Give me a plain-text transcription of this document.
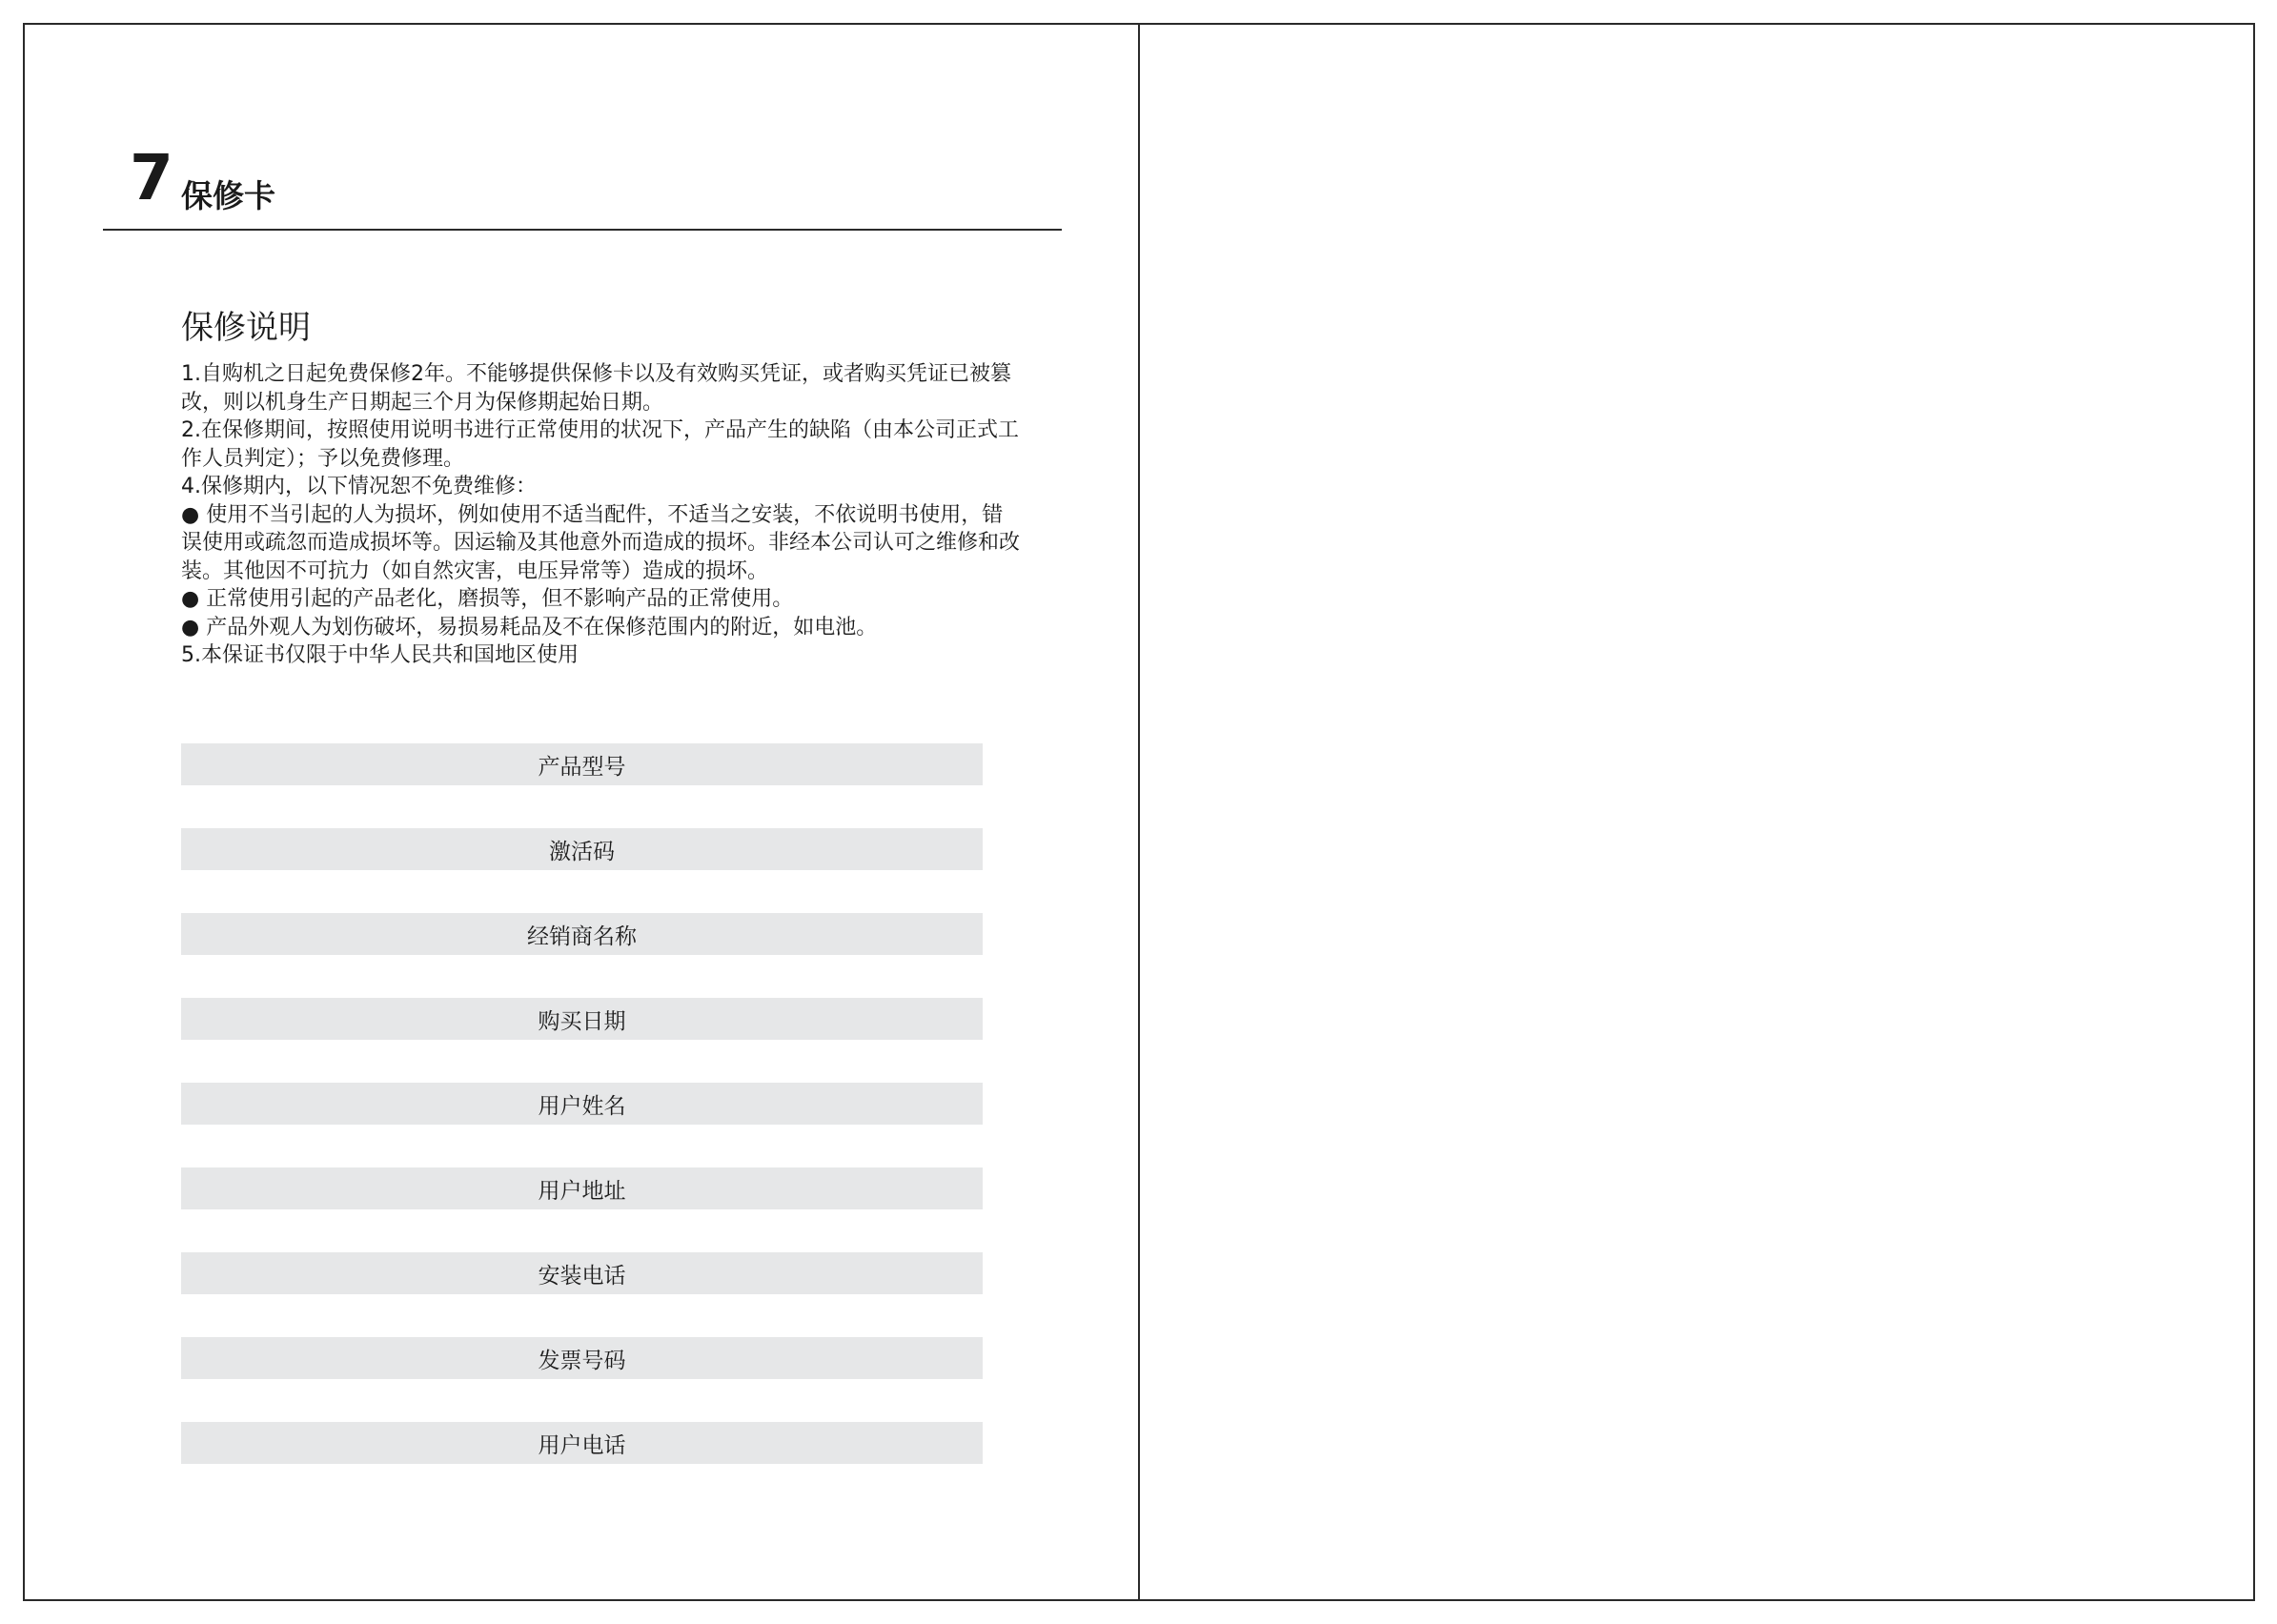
7 保修卡
保修说明
1.自购机之日起免费保修2年。不能够提供保修卡以及有效购买凭证，或者购买凭证已被篡改，则以机身生产日期起三个月为保修期起始日期。
2.在保修期间，按照使用说明书进行正常使用的状况下，产品产生的缺陷（由本公司正式工作人员判定）；予以免费修理。
4.保修期内，以下情况恕不免费维修：
● 使用不当引起的人为损坏，例如使用不适当配件，不适当之安装，不依说明书使用，错误使用或疏忽而造成损坏等。因运输及其他意外而造成的损坏。非经本公司认可之维修和改装。其他因不可抗力（如自然灾害，电压异常等）造成的损坏。
● 正常使用引起的产品老化，磨损等，但不影响产品的正常使用。
● 产品外观人为划伤破坏，易损易耗品及不在保修范围内的附近，如电池。
5.本保证书仅限于中华人民共和国地区使用
产品型号
激活码
经销商名称
购买日期
用户姓名
用户地址
安装电话
发票号码
用户电话
